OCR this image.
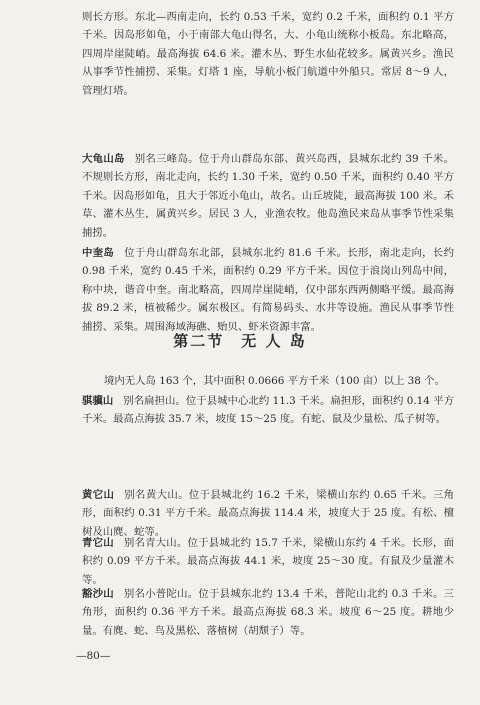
则长方形。东北—西南走向，长约 0.53 千米，宽约 0.2 千米，面积约 0.1 平方千米。因岛形如龟，小于南部大龟山得名，大、小龟山统称小板岛。东北略高，四周岸崖陡峭。最高海拔 64.6 米。灌木丛、野生水仙花较多。属黄兴乡。渔民从事季节性捕捞、采集。灯塔 1 座，导航小板门航道中外船只。常居 8～9 人，管理灯塔。
大龟山岛 别名三峰岛。位于舟山群岛东部、黄兴岛西，县城东北约 39 千米。不规则长方形，南北走向，长约 1.30 千米，宽约 0.50 千米，面积约 0.40 平方千米。因岛形如龟，且大于邻近小龟山，故名。山丘坡陡，最高海拔 100 米。禾草、灌木丛生，属黄兴乡。居民 3 人，业渔农牧。他岛渔民来岛从事季节性采集捕捞。
中奎岛 位于舟山群岛东北部，县城东北约 81.6 千米。长形，南北走向，长约 0.98 千米，宽约 0.45 千米，面积约 0.29 平方千米。因位于浪岗山列岛中间，称中块，谐音中奎。南北略高，四周岸崖陡峭，仅中部东西两侧略平缓。最高海拔 89.2 米，植被稀少。属东极区。有简易码头、水井等设施。渔民从事季节性捕捞、采集。周围海域海礁、贻贝、虾米资源丰富。
第二节　无 人 岛
境内无人岛 163 个，其中面积 0.0666 平方千米（100 亩）以上 38 个。
骐骥山 别名扁担山。位于县城中心北约 11.3 千米。扁担形，面积约 0.14 平方千米。最高点海拔 35.7 米，坡度 15～25 度。有蛇、鼠及少量松、瓜子树等。
黄它山 别名黄大山。位于县城北约 16.2 千米，梁横山东约 0.65 千米。三角形，面积约 0.31 平方千米。最高点海拔 114.4 米，坡度大于 25 度。有松、檀树及山麂、蛇等。
青它山 别名青大山。位于县城北约 15.7 千米，梁横山东约 4 千米。长形，面积约 0.09 平方千米。最高点海拔 44.1 米，坡度 25～30 度。有鼠及少量灌木等。
豁沙山 别名小普陀山。位于县城东北约 13.4 千米，普陀山北约 0.3 千米。三角形，面积约 0.36 平方千米。最高点海拔 68.3 米。坡度 6～25 度。耕地少量。有麂、蛇、鸟及黑松、落植树（胡颓子）等。
—80—
